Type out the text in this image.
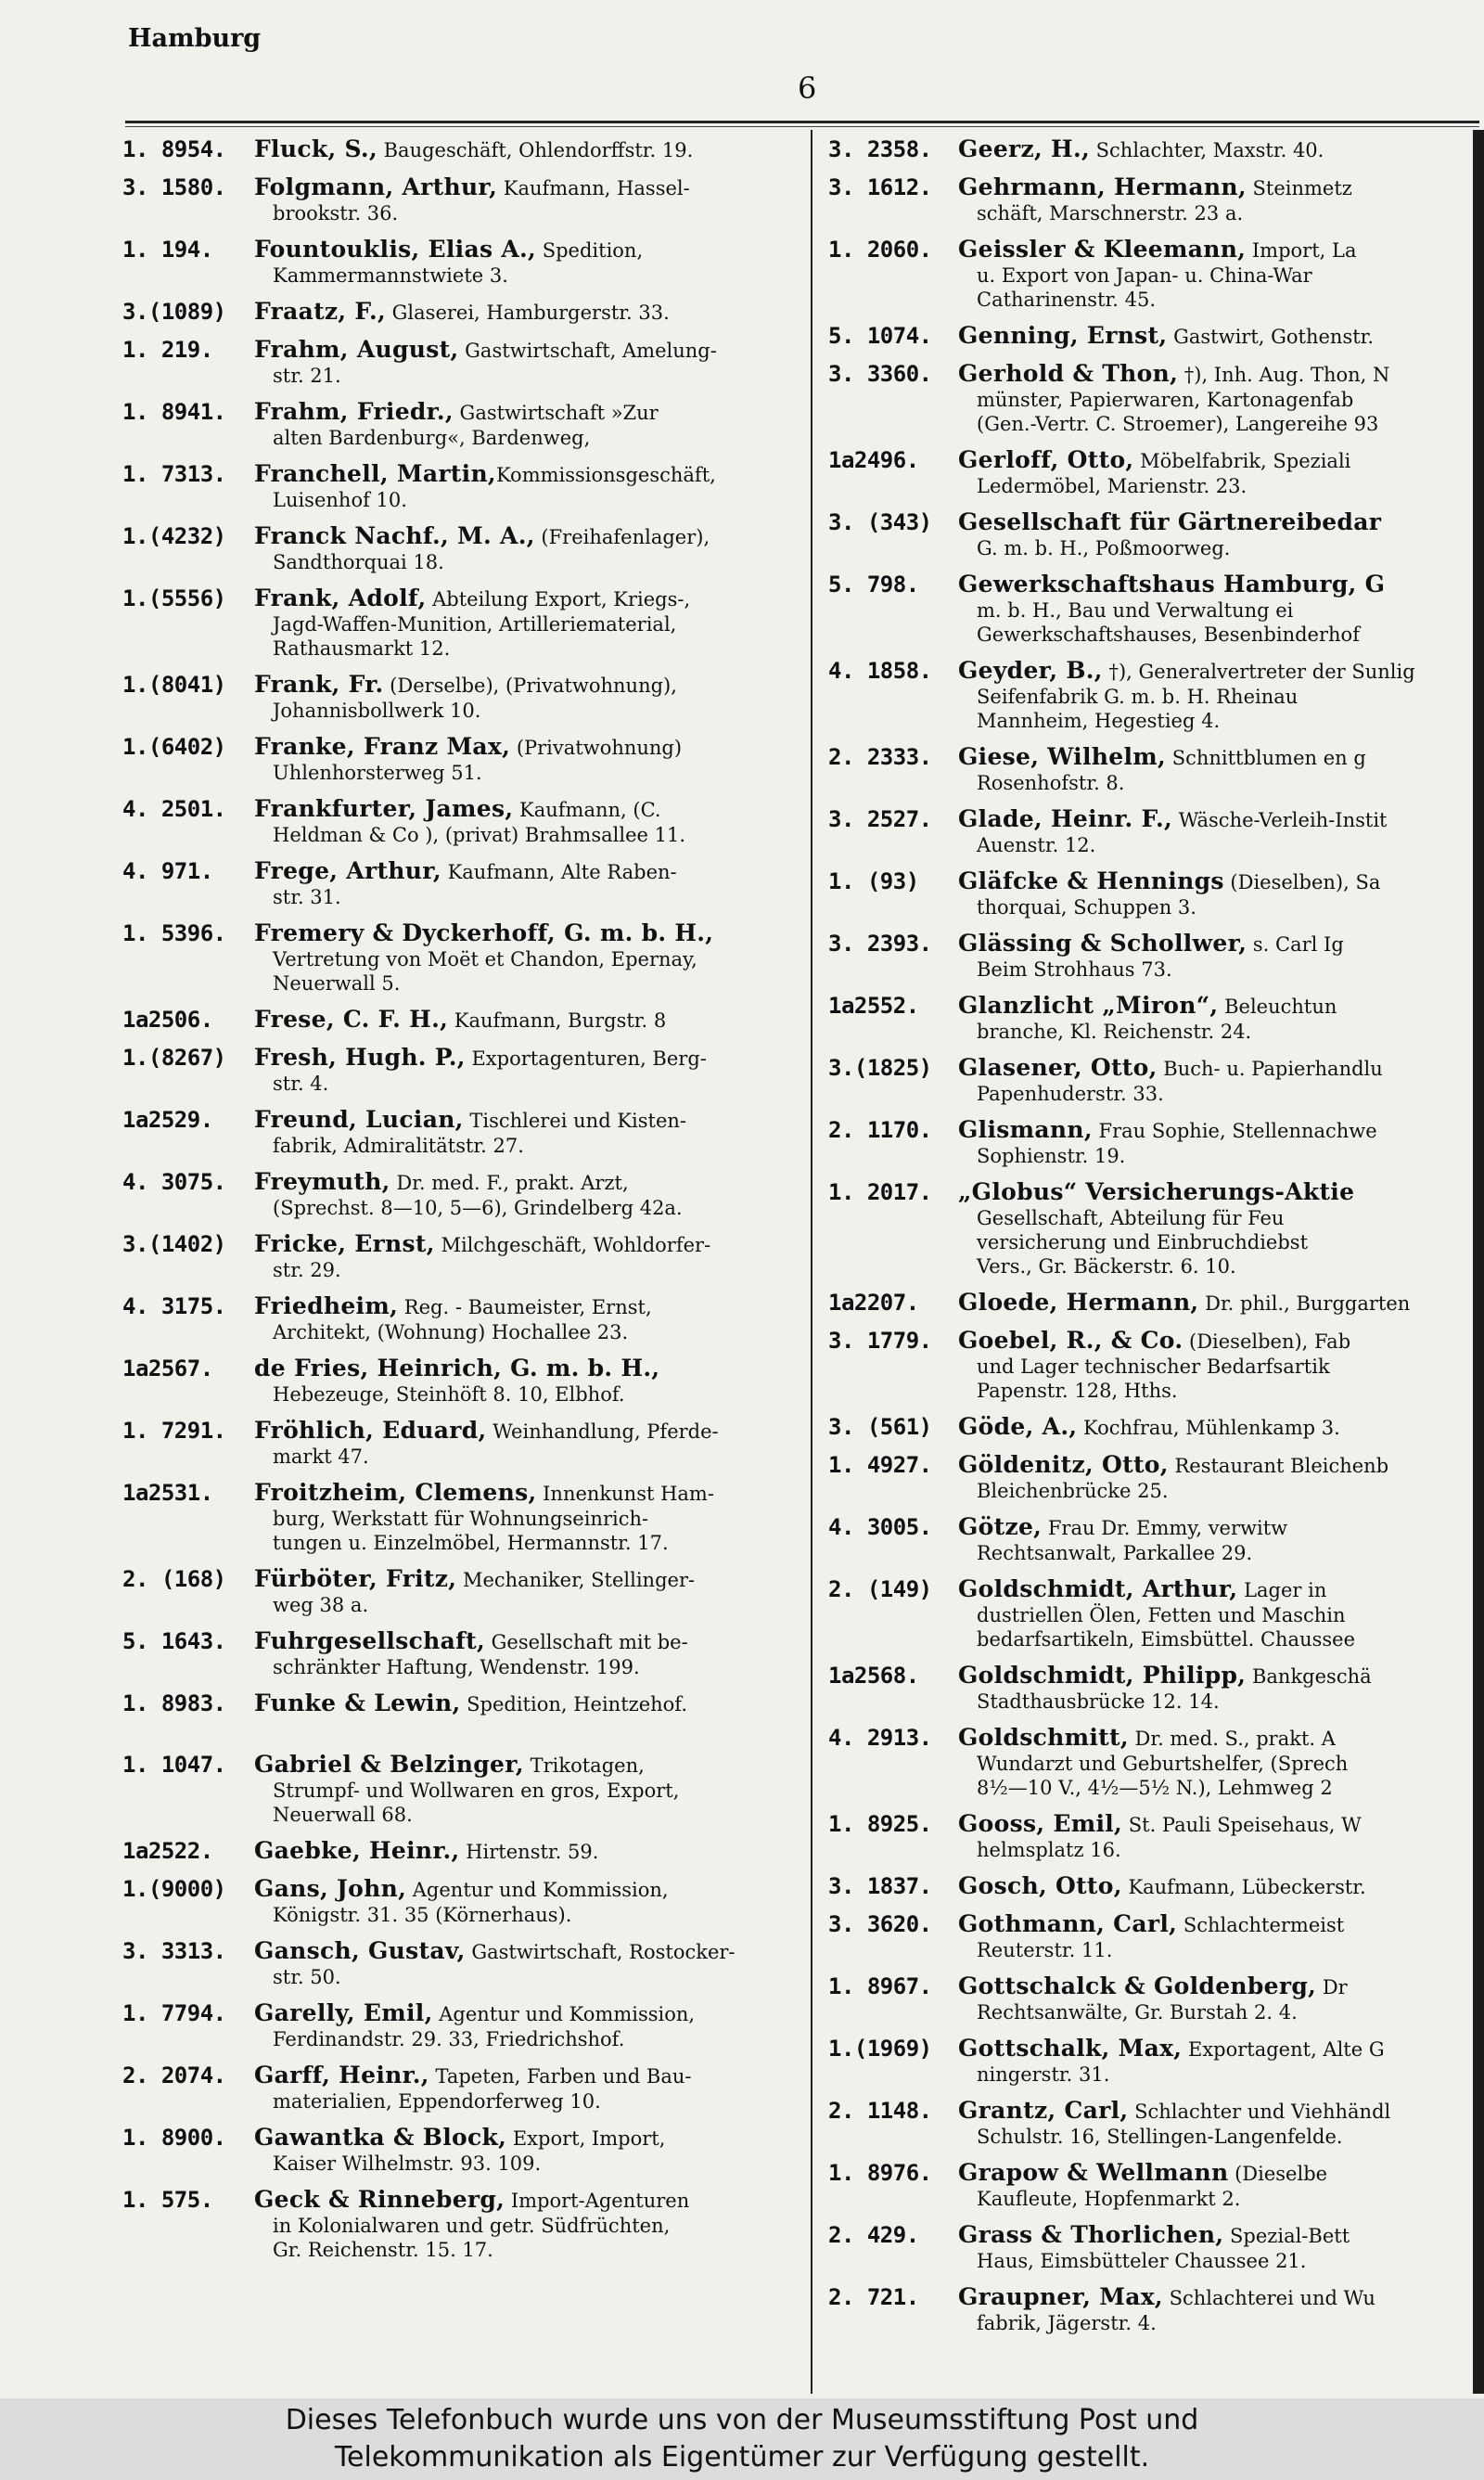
Hamburg
6
1. 8954.	Fluck, S., Baugeschäft, Ohlendorffstr. 19.
3. 1580.	Folgmann, Arthur, Kaufmann, Hassel-
brookstr. 36.
1. 194.	Fountouklis, Elias A., Spedition,
Kammermannstwiete 3.
3.(1089)	Fraatz, F., Glaserei, Hamburgerstr. 33.
1. 219.	Frahm, August, Gastwirtschaft, Amelung-
str. 21.
1. 8941.	Frahm, Friedr., Gastwirtschaft »Zur
alten Bardenburg«, Bardenweg,
1. 7313.	Franchell, Martin,Kommissionsgeschäft,
Luisenhof 10.
1.(4232)	Franck Nachf., M. A., (Freihafenlager),
Sandthorquai 18.
1.(5556)	Frank, Adolf, Abteilung Export, Kriegs-,
Jagd-Waffen-Munition, Artilleriematerial,
Rathausmarkt 12.
1.(8041)	Frank, Fr. (Derselbe), (Privatwohnung),
Johannisbollwerk 10.
1.(6402)	Franke, Franz Max, (Privatwohnung)
Uhlenhorsterweg 51.
4. 2501.	Frankfurter, James, Kaufmann, (C.
Heldman & Co ), (privat) Brahmsallee 11.
4. 971.	Frege, Arthur, Kaufmann, Alte Raben-
str. 31.
1. 5396.	Fremery & Dyckerhoff, G. m. b. H.,
Vertretung von Moët et Chandon, Epernay,
Neuerwall 5.
1a2506.	Frese, C. F. H., Kaufmann, Burgstr. 8
1.(8267)	Fresh, Hugh. P., Exportagenturen, Berg-
str. 4.
1a2529.	Freund, Lucian, Tischlerei und Kisten-
fabrik, Admiralitätstr. 27.
4. 3075.	Freymuth, Dr. med. F., prakt. Arzt,
(Sprechst. 8—10, 5—6), Grindelberg 42a.
3.(1402)	Fricke, Ernst, Milchgeschäft, Wohldorfer-
str. 29.
4. 3175.	Friedheim, Reg. - Baumeister, Ernst,
Architekt, (Wohnung) Hochallee 23.
1a2567.	de Fries, Heinrich, G. m. b. H.,
Hebezeuge, Steinhöft 8. 10, Elbhof.
1. 7291.	Fröhlich, Eduard, Weinhandlung, Pferde-
markt 47.
1a2531.	Froitzheim, Clemens, Innenkunst Ham-
burg, Werkstatt für Wohnungseinrich-
tungen u. Einzelmöbel, Hermannstr. 17.
2. (168)	Fürböter, Fritz, Mechaniker, Stellinger-
weg 38 a.
5. 1643.	Fuhrgesellschaft, Gesellschaft mit be-
schränkter Haftung, Wendenstr. 199.
1. 8983.	Funke & Lewin, Spedition, Heintzehof.
1. 1047.	Gabriel & Belzinger, Trikotagen,
Strumpf- und Wollwaren en gros, Export,
Neuerwall 68.
1a2522.	Gaebke, Heinr., Hirtenstr. 59.
1.(9000)	Gans, John, Agentur und Kommission,
Königstr. 31. 35 (Körnerhaus).
3. 3313.	Gansch, Gustav, Gastwirtschaft, Rostocker-
str. 50.
1. 7794.	Garelly, Emil, Agentur und Kommission,
Ferdinandstr. 29. 33, Friedrichshof.
2. 2074.	Garff, Heinr., Tapeten, Farben und Bau-
materialien, Eppendorferweg 10.
1. 8900.	Gawantka & Block, Export, Import,
Kaiser Wilhelmstr. 93. 109.
1. 575.	Geck & Rinneberg, Import-Agenturen
in Kolonialwaren und getr. Südfrüchten,
Gr. Reichenstr. 15. 17.
3. 2358.	Geerz, H., Schlachter, Maxstr. 40.
3. 1612.	Gehrmann, Hermann, Steinmetz
schäft, Marschnerstr. 23 a.
1. 2060.	Geissler & Kleemann, Import, La
u. Export von Japan- u. China-War
Catharinenstr. 45.
5. 1074.	Genning, Ernst, Gastwirt, Gothenstr.
3. 3360.	Gerhold & Thon, †), Inh. Aug. Thon, N
münster, Papierwaren, Kartonagenfab
(Gen.-Vertr. C. Stroemer), Langereihe 93
1a2496.	Gerloff, Otto, Möbelfabrik, Speziali
Ledermöbel, Marienstr. 23.
3. (343)	Gesellschaft für Gärtnereibedar
G. m. b. H., Poßmoorweg.
5. 798.	Gewerkschaftshaus Hamburg, G
m. b. H., Bau und Verwaltung ei
Gewerkschaftshauses, Besenbinderhof
4. 1858.	Geyder, B., †), Generalvertreter der Sunlig
Seifenfabrik G. m. b. H. Rheinau
Mannheim, Hegestieg 4.
2. 2333.	Giese, Wilhelm, Schnittblumen en g
Rosenhofstr. 8.
3. 2527.	Glade, Heinr. F., Wäsche-Verleih-Instit
Auenstr. 12.
1. (93)	Gläfcke & Hennings (Dieselben), Sa
thorquai, Schuppen 3.
3. 2393.	Glässing & Schollwer, s. Carl Ig
Beim Strohhaus 73.
1a2552.	Glanzlicht „Miron“, Beleuchtun
branche, Kl. Reichenstr. 24.
3.(1825)	Glasener, Otto, Buch- u. Papierhandlu
Papenhuderstr. 33.
2. 1170.	Glismann, Frau Sophie, Stellennachwe
Sophienstr. 19.
1. 2017.	„Globus“ Versicherungs-Aktie
Gesellschaft, Abteilung für Feu
versicherung und Einbruchdiebst
Vers., Gr. Bäckerstr. 6. 10.
1a2207.	Gloede, Hermann, Dr. phil., Burggarten
3. 1779.	Goebel, R., & Co. (Dieselben), Fab
und Lager technischer Bedarfsartik
Papenstr. 128, Hths.
3. (561)	Göde, A., Kochfrau, Mühlenkamp 3.
1. 4927.	Göldenitz, Otto, Restaurant Bleichenb
Bleichenbrücke 25.
4. 3005.	Götze, Frau Dr. Emmy, verwitw
Rechtsanwalt, Parkallee 29.
2. (149)	Goldschmidt, Arthur, Lager in
dustriellen Ölen, Fetten und Maschin
bedarfsartikeln, Eimsbüttel. Chaussee
1a2568.	Goldschmidt, Philipp, Bankgeschä
Stadthausbrücke 12. 14.
4. 2913.	Goldschmitt, Dr. med. S., prakt. A
Wundarzt und Geburtshelfer, (Sprech
8½—10 V., 4½—5½ N.), Lehmweg 2
1. 8925.	Gooss, Emil, St. Pauli Speisehaus, W
helmsplatz 16.
3. 1837.	Gosch, Otto, Kaufmann, Lübeckerstr.
3. 3620.	Gothmann, Carl, Schlachtermeist
Reuterstr. 11.
1. 8967.	Gottschalck & Goldenberg, Dr
Rechtsanwälte, Gr. Burstah 2. 4.
1.(1969)	Gottschalk, Max, Exportagent, Alte G
ningerstr. 31.
2. 1148.	Grantz, Carl, Schlachter und Viehhändl
Schulstr. 16, Stellingen-Langenfelde.
1. 8976.	Grapow & Wellmann (Dieselbe
Kaufleute, Hopfenmarkt 2.
2. 429.	Grass & Thorlichen, Spezial-Bett
Haus, Eimsbütteler Chaussee 21.
2. 721.	Graupner, Max, Schlachterei und Wu
fabrik, Jägerstr. 4.
Dieses Telefonbuch wurde uns von der Museumsstiftung Post und
Telekommunikation als Eigentümer zur Verfügung gestellt.
